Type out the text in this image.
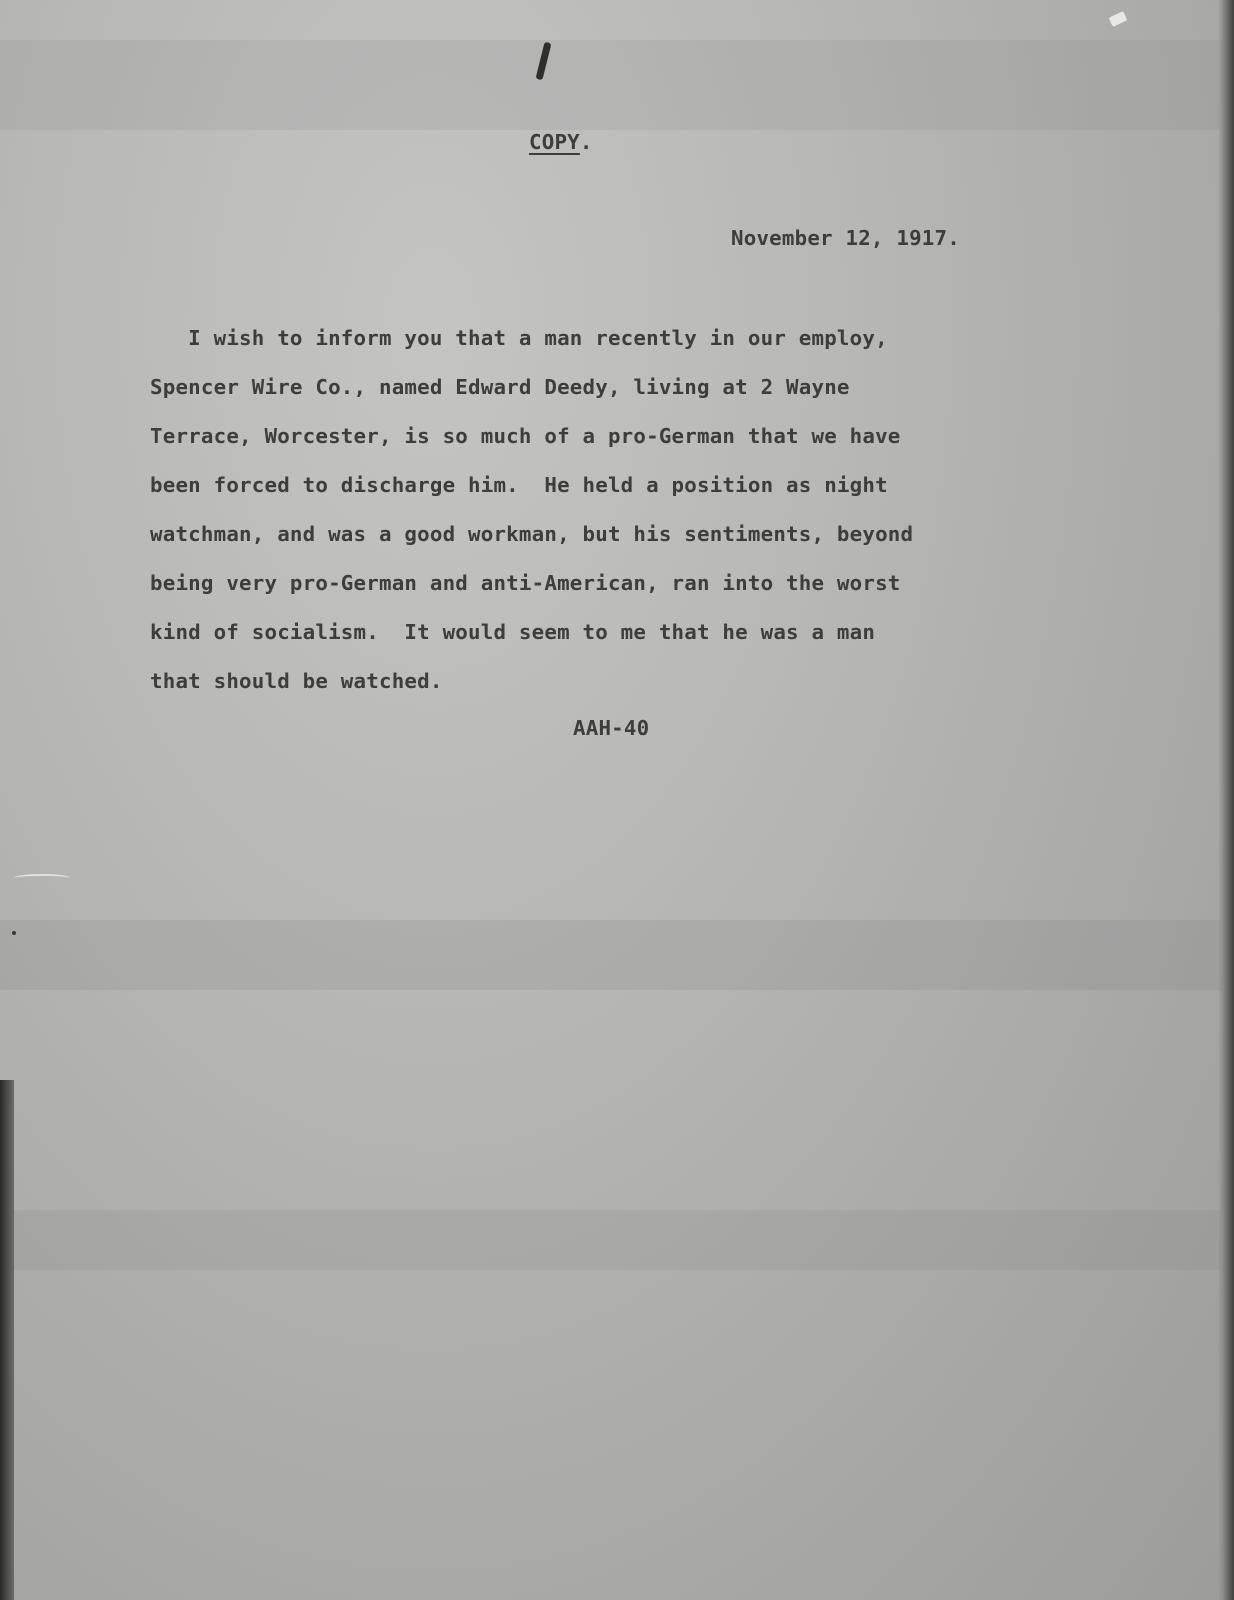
COPY.
November 12, 1917.
I wish to inform you that a man recently in our employ,
Spencer Wire Co., named Edward Deedy, living at 2 Wayne
Terrace, Worcester, is so much of a pro-German that we have
been forced to discharge him.  He held a position as night
watchman, and was a good workman, but his sentiments, beyond
being very pro-German and anti-American, ran into the worst
kind of socialism.  It would seem to me that he was a man
that should be watched.
AAH-40
